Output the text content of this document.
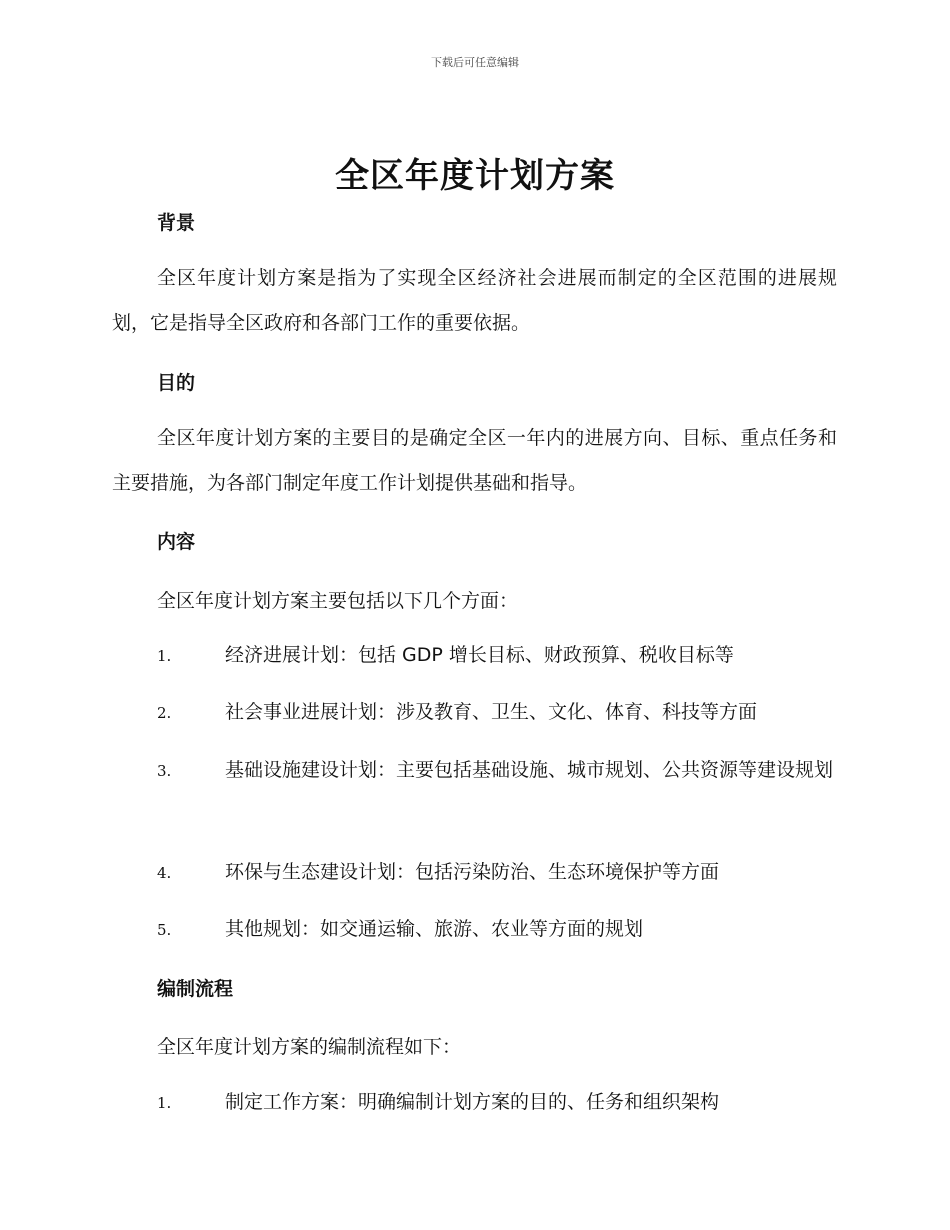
下载后可任意编辑
全区年度计划方案
背景

全区年度计划方案是指为了实现全区经济社会进展而制定的全区范围的进展规划，它是指导全区政府和各部门工作的重要依据。

目的

全区年度计划方案的主要目的是确定全区一年内的进展方向、目标、重点任务和主要措施，为各部门制定年度工作计划提供基础和指导。

内容

全区年度计划方案主要包括以下几个方面：

1.	经济进展计划：包括 GDP 增长目标、财政预算、税收目标等
2.	社会事业进展计划：涉及教育、卫生、文化、体育、科技等方面
3.	基础设施建设计划：主要包括基础设施、城市规划、公共资源等建设规划
4.	环保与生态建设计划：包括污染防治、生态环境保护等方面
5.	其他规划：如交通运输、旅游、农业等方面的规划
编制流程

全区年度计划方案的编制流程如下：

1.	制定工作方案：明确编制计划方案的目的、任务和组织架构
